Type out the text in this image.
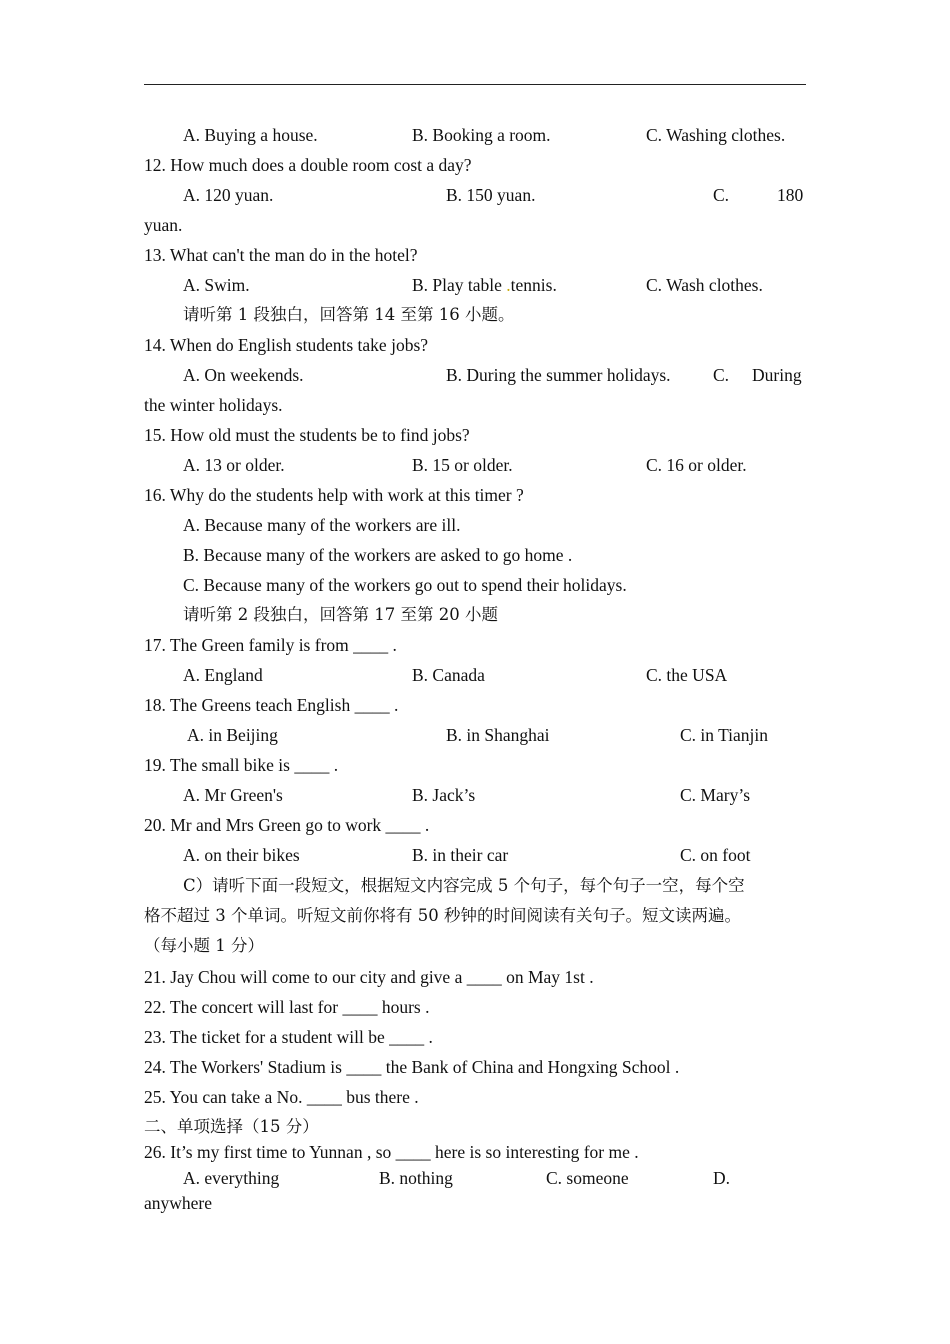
A. Buying a house.	B. Booking a room.	C. Washing clothes.
12. How much does a double room cost a day?
A. 120 yuan.	B. 150 yuan.	C.	180
yuan.
13. What can't the man do in the hotel?
A. Swim.	B. Play table .tennis.	C. Wash clothes.
请听第 1 段独白，回答第 14 至第 16 小题。
14. When do English students take jobs?
A. On weekends.	B. During the summer holidays. C. During
the winter holidays.
15. How old must the students be to find jobs?
A. 13 or older.	B. 15 or older.	C. 16 or older.
16. Why do the students help with work at this timer ?
A. Because many of the workers are ill.
B. Because many of the workers are asked to go home .
C. Because many of the workers go out to spend their holidays.
请听第 2 段独白，回答第 17 至第 20 小题
17. The Green family is from ____ .
A. England	B. Canada	C. the USA
18. The Greens teach English ____ .
A. in Beijing	B. in Shanghai	C. in Tianjin
19. The small bike is ____ .
A. Mr Green's	B. Jack’s	C. Mary’s
20. Mr and Mrs Green go to work ____ .
A. on their bikes	B. in their car	C. on foot
C）请听下面一段短文，根据短文内容完成 5 个句子，每个句子一空，每个空
格不超过 3 个单词。听短文前你将有 50 秒钟的时间阅读有关句子。短文读两遍。
（每小题 1 分）
21. Jay Chou will come to our city and give a ____ on May 1st .
22. The concert will last for ____ hours .
23. The ticket for a student will be ____ .
24. The Workers' Stadium is ____ the Bank of China and Hongxing School .
25. You can take a No. ____ bus there .
二、单项选择（15 分）
26. It’s my first time to Yunnan , so ____ here is so interesting for me .
A. everything	B. nothing	C. someone	D.
anywhere
